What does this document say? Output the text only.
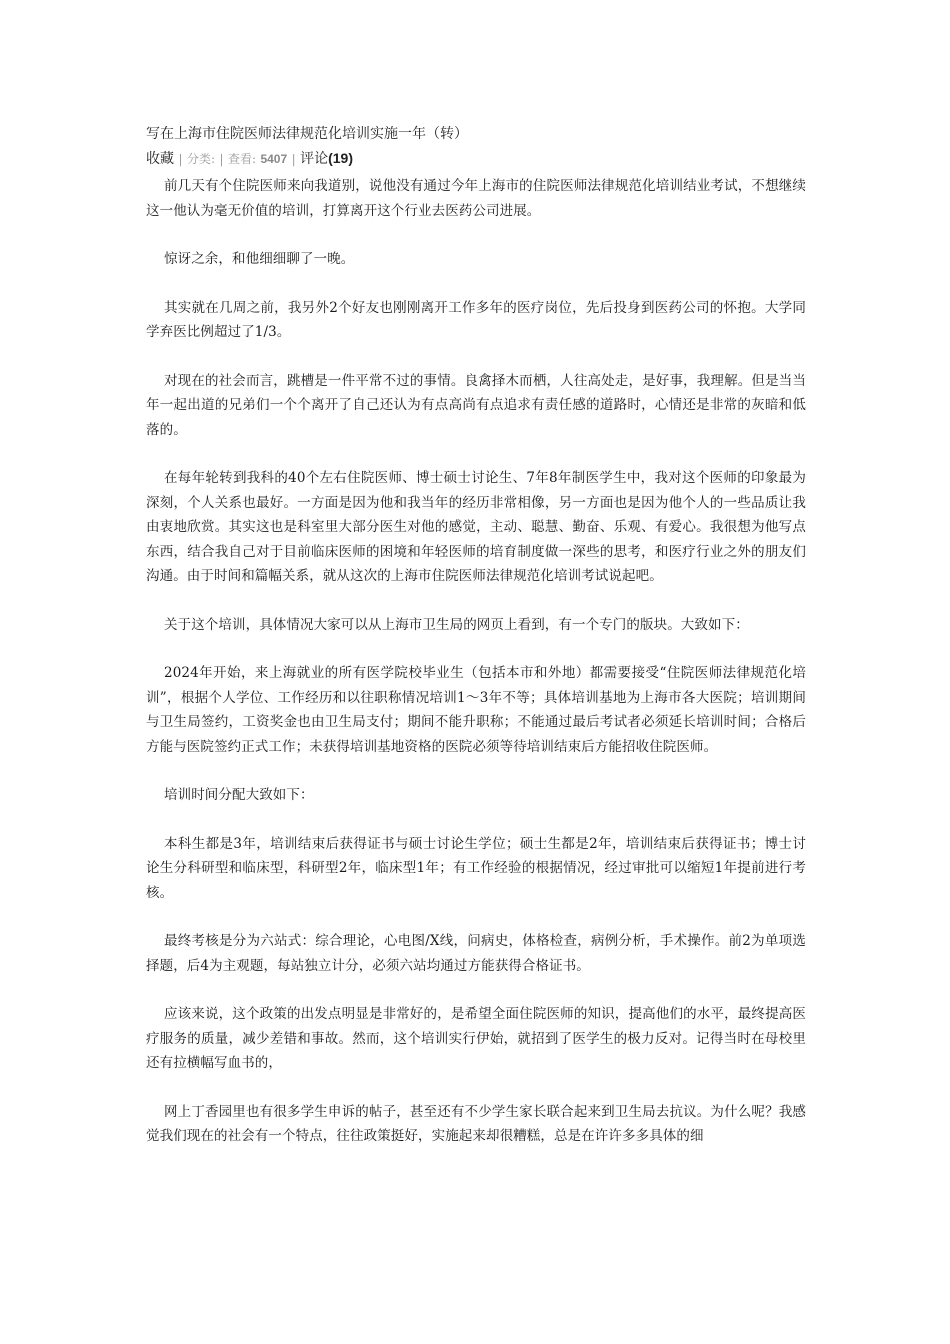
写在上海市住院医师法律规范化培训实施一年（转）
收藏 | 分类: | 查看: 5407 | 评论(19)

前几天有个住院医师来向我道别，说他没有通过今年上海市的住院医师法律规范化培训结业考试，不想继续这一他认为毫无价值的培训，打算离开这个行业去医药公司进展。

惊讶之余，和他细细聊了一晚。

其实就在几周之前，我另外2个好友也刚刚离开工作多年的医疗岗位，先后投身到医药公司的怀抱。大学同学弃医比例超过了1/3。

对现在的社会而言，跳槽是一件平常不过的事情。良禽择木而栖，人往高处走，是好事，我理解。但是当当年一起出道的兄弟们一个个离开了自己还认为有点高尚有点追求有责任感的道路时，心情还是非常的灰暗和低落的。

在每年轮转到我科的40个左右住院医师、博士硕士讨论生、7年8年制医学生中，我对这个医师的印象最为深刻，个人关系也最好。一方面是因为他和我当年的经历非常相像，另一方面也是因为他个人的一些品质让我由衷地欣赏。其实这也是科室里大部分医生对他的感觉，主动、聪慧、勤奋、乐观、有爱心。我很想为他写点东西，结合我自己对于目前临床医师的困境和年轻医师的培育制度做一深些的思考，和医疗行业之外的朋友们沟通。由于时间和篇幅关系，就从这次的上海市住院医师法律规范化培训考试说起吧。

关于这个培训，具体情况大家可以从上海市卫生局的网页上看到，有一个专门的版块。大致如下：

2024年开始，来上海就业的所有医学院校毕业生（包括本市和外地）都需要接受“住院医师法律规范化培训”，根据个人学位、工作经历和以往职称情况培训1～3年不等；具体培训基地为上海市各大医院；培训期间与卫生局签约，工资奖金也由卫生局支付；期间不能升职称；不能通过最后考试者必须延长培训时间；合格后方能与医院签约正式工作；未获得培训基地资格的医院必须等待培训结束后方能招收住院医师。

培训时间分配大致如下：

本科生都是3年，培训结束后获得证书与硕士讨论生学位；硕士生都是2年，培训结束后获得证书；博士讨论生分科研型和临床型，科研型2年，临床型1年；有工作经验的根据情况，经过审批可以缩短1年提前进行考核。

最终考核是分为六站式：综合理论，心电图/X线，问病史，体格检查，病例分析，手术操作。前2为单项选择题，后4为主观题，每站独立计分，必须六站均通过方能获得合格证书。

应该来说，这个政策的出发点明显是非常好的，是希望全面住院医师的知识，提高他们的水平，最终提高医疗服务的质量，减少差错和事故。然而，这个培训实行伊始，就招到了医学生的极力反对。记得当时在母校里还有拉横幅写血书的，

网上丁香园里也有很多学生申诉的帖子，甚至还有不少学生家长联合起来到卫生局去抗议。为什么呢？我感觉我们现在的社会有一个特点，往往政策挺好，实施起来却很糟糕，总是在许许多多具体的细
